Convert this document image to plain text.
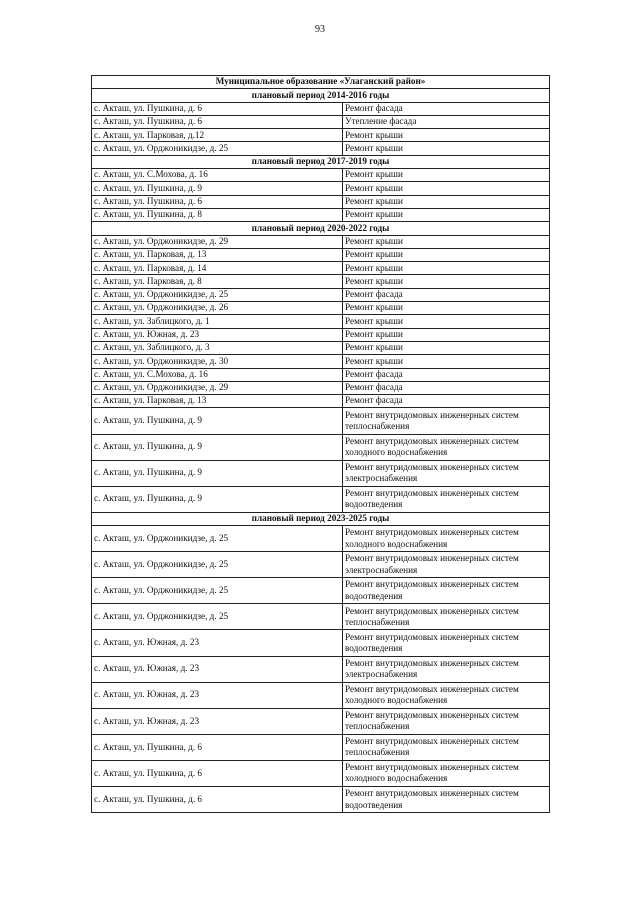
93
Муниципальное образование «Улаганский район»	
плановый период 2014-2016 годы	
с. Акташ, ул. Пушкина, д. 6	Ремонт фасада
с. Акташ, ул. Пушкина, д. 6	Утепление фасада
с. Акташ, ул. Парковая, д.12	Ремонт крыши
с. Акташ, ул. Орджоникидзе, д. 25	Ремонт крыши
плановый период 2017-2019 годы	
с. Акташ, ул. С.Мохова, д. 16	Ремонт крыши
с. Акташ, ул. Пушкина, д. 9	Ремонт крыши
с. Акташ, ул. Пушкина, д. 6	Ремонт крыши
с. Акташ, ул. Пушкина, д. 8	Ремонт крыши
плановый период 2020-2022 годы	
с. Акташ, ул. Орджоникидзе, д. 29	Ремонт крыши
с. Акташ, ул. Парковая, д. 13	Ремонт крыши
с. Акташ, ул. Парковая, д. 14	Ремонт крыши
с. Акташ, ул. Парковая, д. 8	Ремонт крыши
с. Акташ, ул. Орджоникидзе, д. 25	Ремонт фасада
с. Акташ, ул. Орджоникидзе, д. 26	Ремонт крыши
с. Акташ, ул. Заблицкого, д. 1	Ремонт крыши
с. Акташ, ул. Южная, д. 23	Ремонт крыши
с. Акташ, ул. Заблицкого, д. 3	Ремонт крыши
с. Акташ, ул. Орджоникидзе, д. 30	Ремонт крыши
с. Акташ, ул. С.Мохова, д. 16	Ремонт фасада
с. Акташ, ул. Орджоникидзе, д. 29	Ремонт фасада
с. Акташ, ул. Парковая, д. 13	Ремонт фасада
с. Акташ, ул. Пушкина, д. 9	Ремонт внутридомовых инженерных систем теплоснабжения
с. Акташ, ул. Пушкина, д. 9	Ремонт внутридомовых инженерных систем холодного водоснабжения
с. Акташ, ул. Пушкина, д. 9	Ремонт внутридомовых инженерных систем электроснабжения
с. Акташ, ул. Пушкина, д. 9	Ремонт внутридомовых инженерных систем водоотведения
плановый период 2023-2025 годы	
с. Акташ, ул. Орджоникидзе, д. 25	Ремонт внутридомовых инженерных систем холодного водоснабжения
с. Акташ, ул. Орджоникидзе, д. 25	Ремонт внутридомовых инженерных систем электроснабжения
с. Акташ, ул. Орджоникидзе, д. 25	Ремонт внутридомовых инженерных систем водоотведения
с. Акташ, ул. Орджоникидзе, д. 25	Ремонт внутридомовых инженерных систем теплоснабжения
с. Акташ, ул. Южная, д. 23	Ремонт внутридомовых инженерных систем водоотведения
с. Акташ, ул. Южная, д. 23	Ремонт внутридомовых инженерных систем электроснабжения
с. Акташ, ул. Южная, д. 23	Ремонт внутридомовых инженерных систем холодного водоснабжения
с. Акташ, ул. Южная, д. 23	Ремонт внутридомовых инженерных систем теплоснабжения
с. Акташ, ул. Пушкина, д. 6	Ремонт внутридомовых инженерных систем теплоснабжения
с. Акташ, ул. Пушкина, д. 6	Ремонт внутридомовых инженерных систем холодного водоснабжения
с. Акташ, ул. Пушкина, д. 6	Ремонт внутридомовых инженерных систем водоотведения
